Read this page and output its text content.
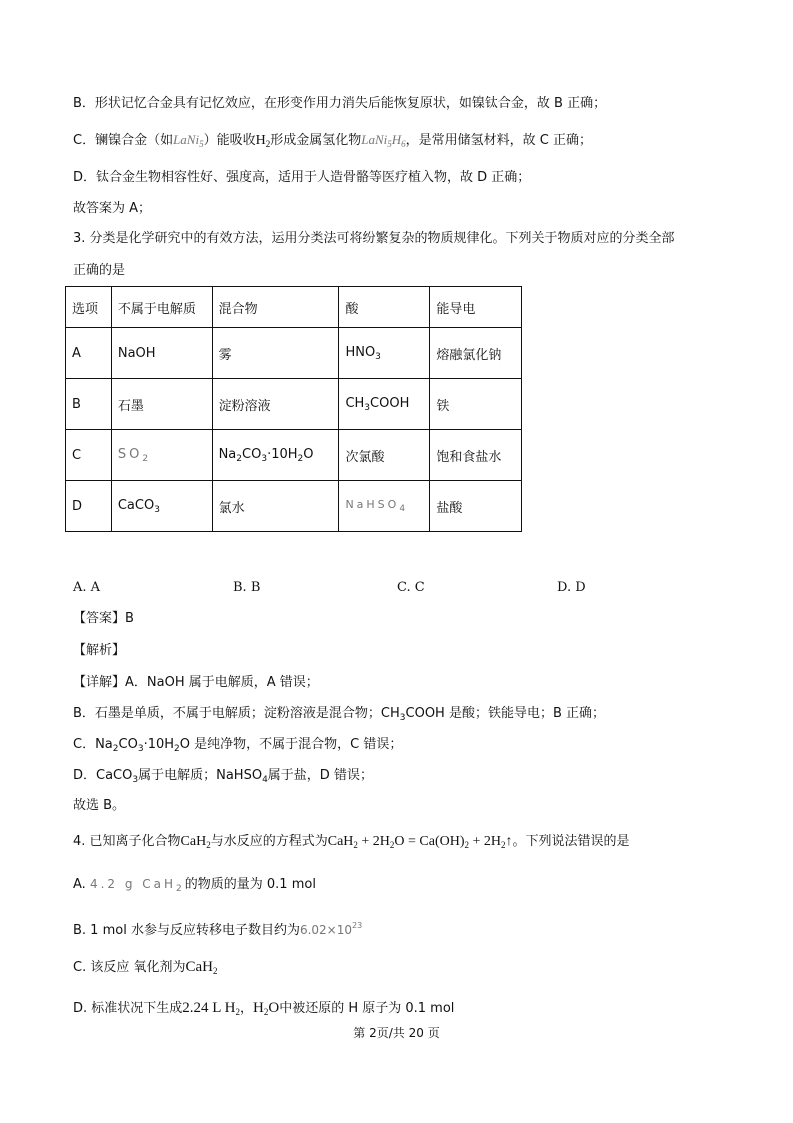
B．形状记忆合金具有记忆效应，在形变作用力消失后能恢复原状，如镍钛合金，故 B 正确；
C．镧镍合金（如LaNi$_5$）能吸收$H_2$形成金属氢化物$LaNi_5H_6$，是常用储氢材料，故 C 正确；
D．钛合金生物相容性好、强度高，适用于人造骨骼等医疗植入物，故 D 正确；
故答案为 A；
3. 分类是化学研究中的有效方法，运用分类法可将纷繁复杂的物质规律化。下列关于物质对应的分类全部
正确的是
选项	不属于电解质	混合物	酸	能导电
A	NaOH	雾	$HNO_3$	熔融氯化钠
B	石墨	淀粉溶液	$CH_3COOH$	铁
C	$SO_2$	$Na_2CO_3\cdot 10H_2O$	次氯酸	饱和食盐水
D	CaCO$_3$	氯水	NaHSO$_4$	盐酸
A. A	B. B	C. C	D. D
【答案】B
【解析】
【详解】A．NaOH 属于电解质，A 错误；
B．石墨是单质，不属于电解质；淀粉溶液是混合物；$CH_3COOH$ 是酸；铁能导电；B 正确；
C．$Na_2CO_3\cdot 10H_2O$ 是纯净物，不属于混合物，C 错误；
D．CaCO$_3$属于电解质；NaHSO$_4$属于盐，D 错误；
故选 B。
4. 已知离子化合物CaH$_2$与水反应的方程式为$CaH_2 + 2H_2O = Ca(OH)_2$ + $2H_2↑$。下列说法错误的是
A. 4.2 g CaH$_2$的物质的量为 0.1 mol
B. 1 mol 水参与反应转移电子数目约为$6.02\times 10^{23}$
C. 该反应 氧化剂为CaH$_2$
D. 标准状况下生成2.24 L $H_2$，$H_2O$中被还原的 H 原子为 0.1 mol
第 2页/共 20 页
